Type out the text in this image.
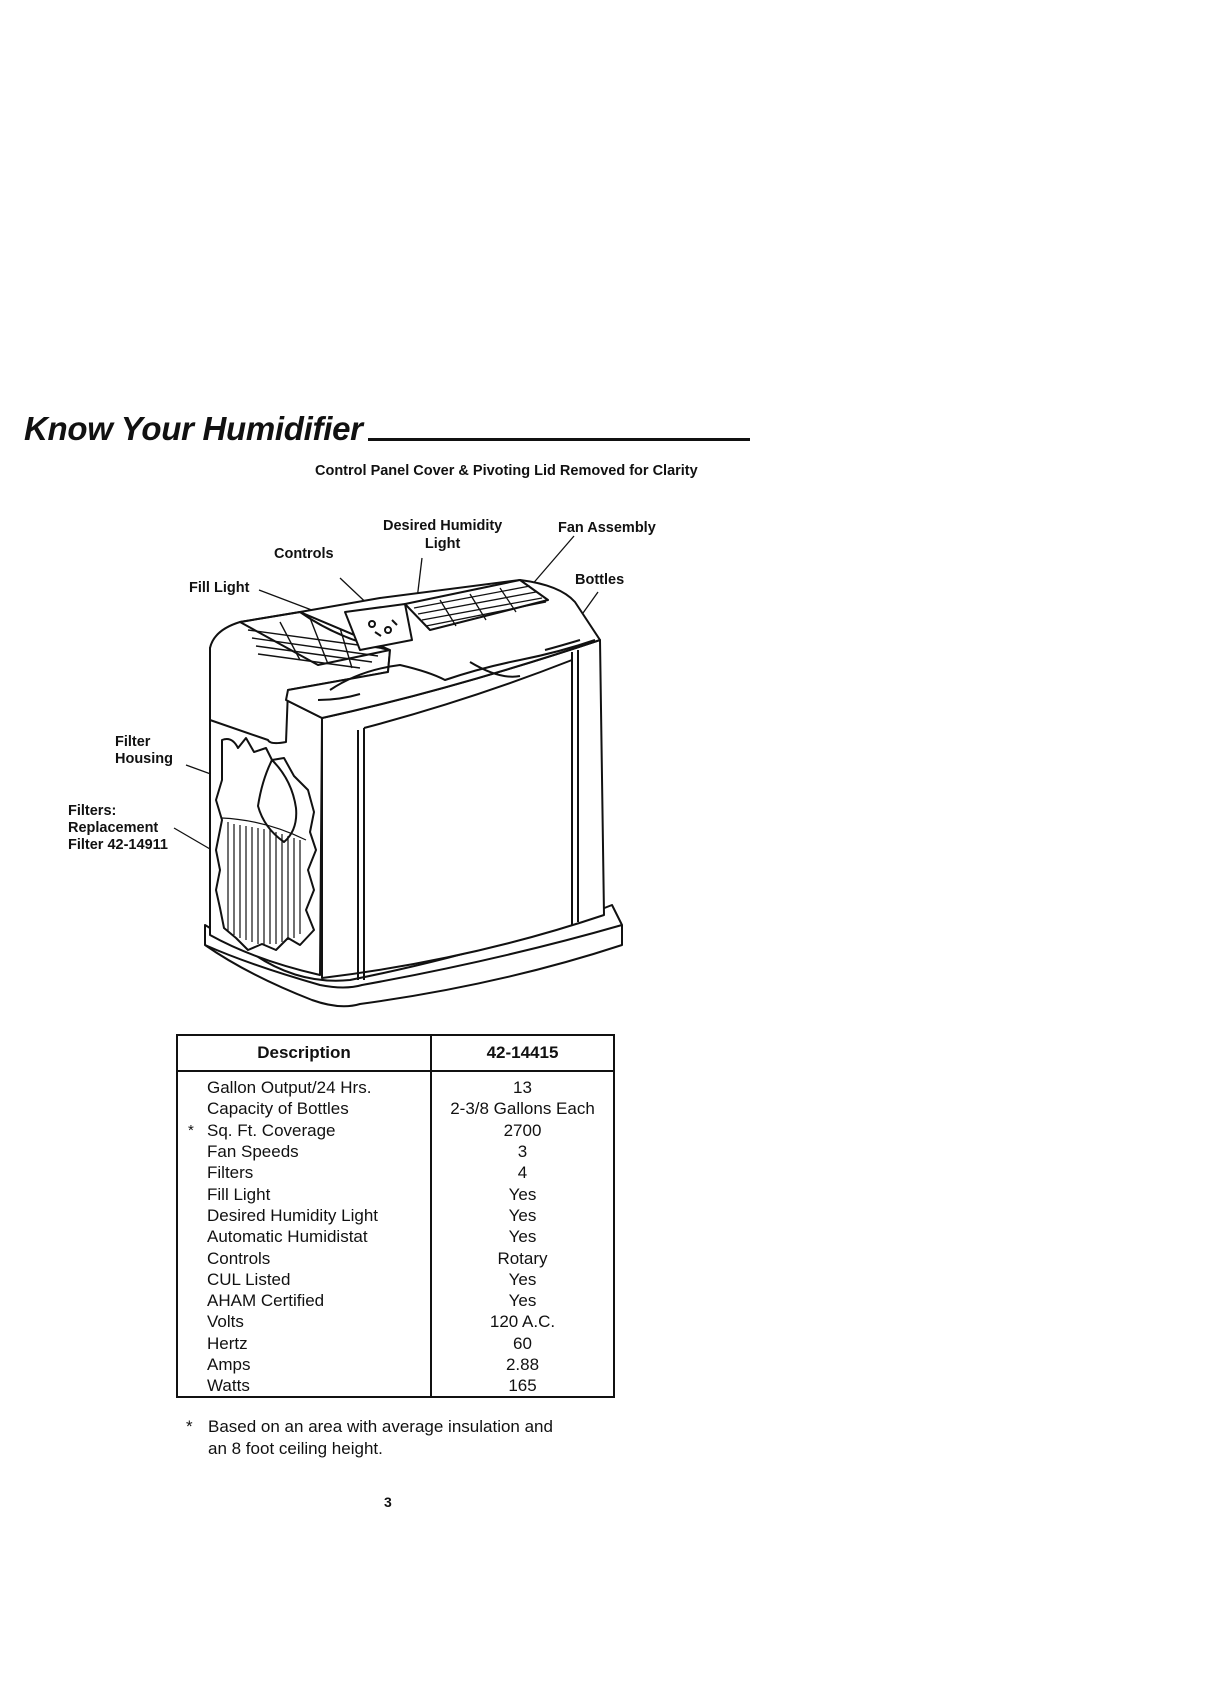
Know Your Humidifier
Control Panel Cover & Pivoting Lid Removed for Clarity
Desired Humidity
Light
Fan Assembly
Controls
Bottles
Fill Light
Filter
Housing
Filters:
Replacement
Filter 42-14911
Description	42-14415
Gallon Output/24 Hrs.	13
Capacity of Bottles	2-3/8 Gallons Each

* Sq. Ft. Coverage	2700
Fan Speeds	3
Filters	4
Fill Light	Yes
Desired Humidity Light	Yes
Automatic Humidistat	Yes
Controls	Rotary
CUL Listed	Yes
AHAM Certified	Yes
Volts	120 A.C.
Hertz	60
Amps	2.88
Watts	165
* Based on an area with average insulation and
an 8 foot ceiling height.
3
